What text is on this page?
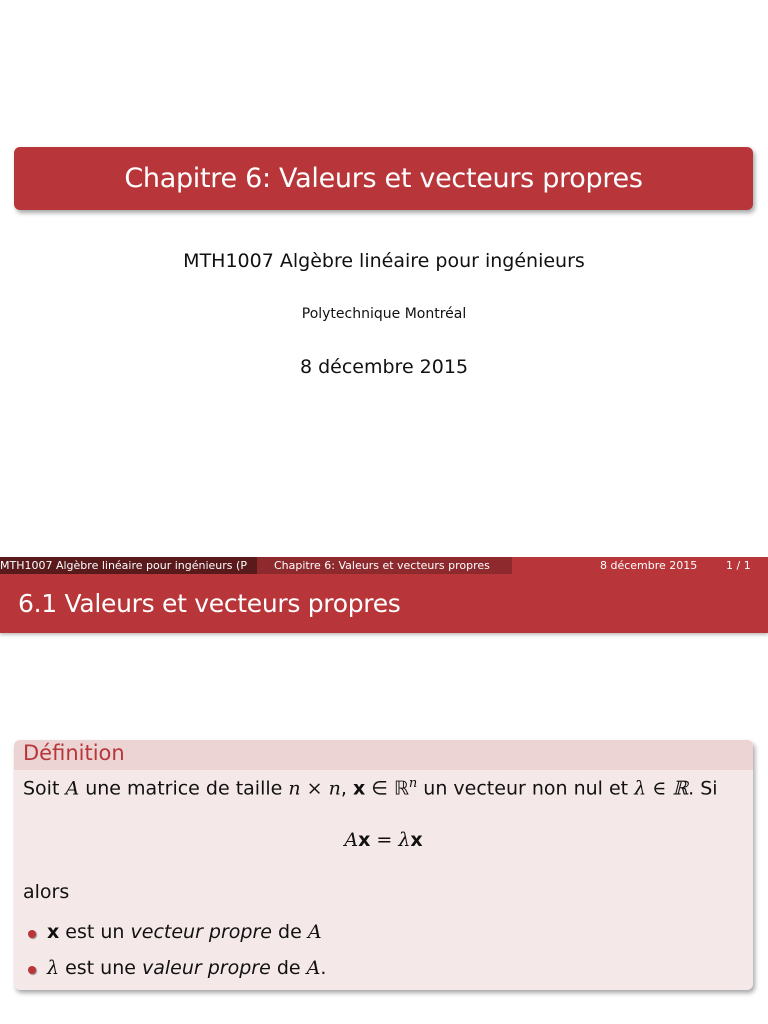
Chapitre 6: Valeurs et vecteurs propres
MTH1007 Algèbre linéaire pour ingénieurs
Polytechnique Montréal
8 décembre 2015
MTH1007 Algèbre linéaire pour ingénieurs (P	Chapitre 6: Valeurs et vecteurs propres	8 décembre 2015	1 / 1
6.1 Valeurs et vecteurs propres
Définition
Soit A une matrice de taille n × n, x ∈ ℝ$^n$ un vecteur non nul et λ ∈ ℝ. Si
Ax = λx
alors
x est un vecteur propre de A
λ est une valeur propre de A.
